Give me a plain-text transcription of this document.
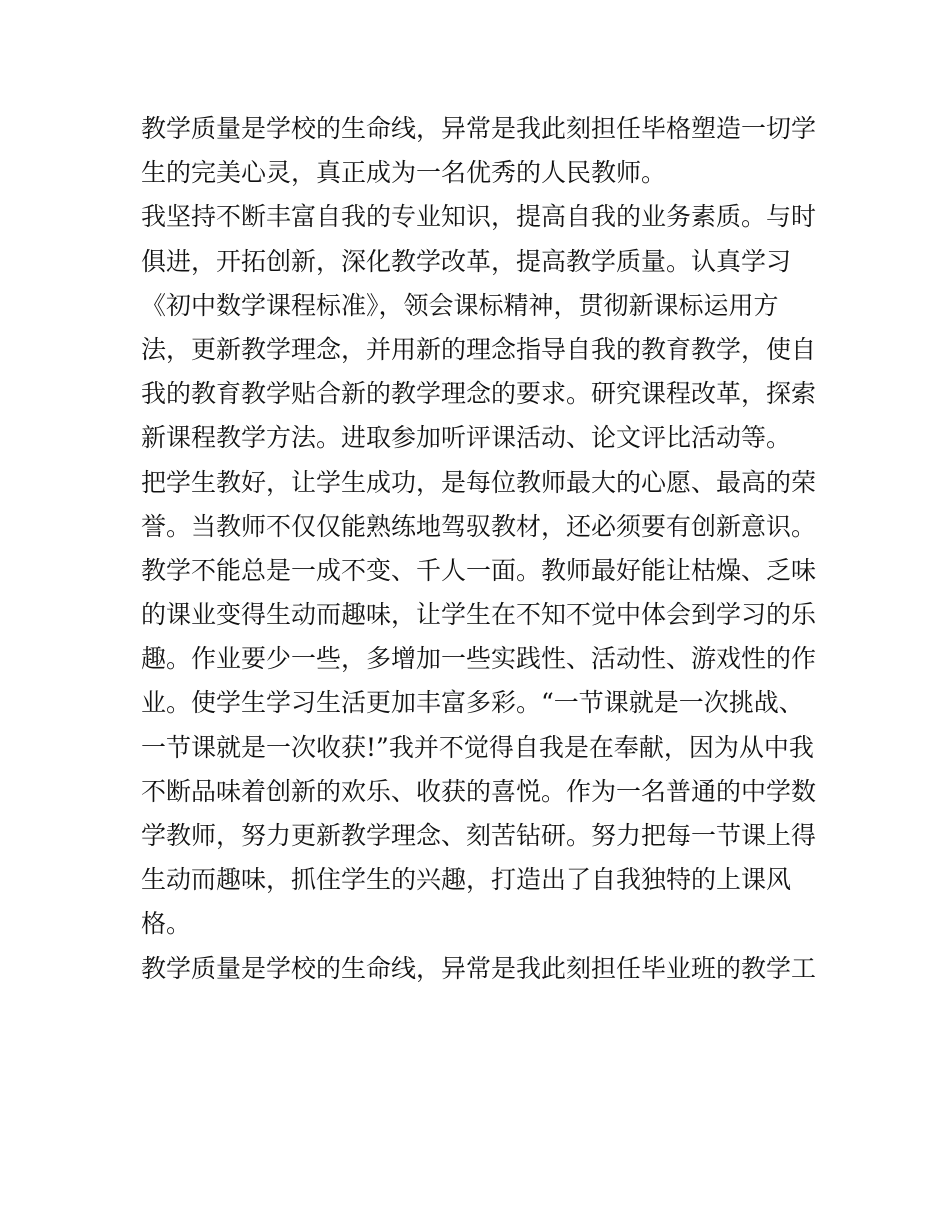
教学质量是学校的生命线，异常是我此刻担任毕格塑造一切学
生的完美心灵，真正成为一名优秀的人民教师。
我坚持不断丰富自我的专业知识，提高自我的业务素质。与时
俱进，开拓创新，深化教学改革，提高教学质量。认真学习
《初中数学课程标准》，领会课标精神，贯彻新课标运用方
法，更新教学理念，并用新的理念指导自我的教育教学，使自
我的教育教学贴合新的教学理念的要求。研究课程改革，探索
新课程教学方法。进取参加听评课活动、论文评比活动等。
把学生教好，让学生成功，是每位教师最大的心愿、最高的荣
誉。当教师不仅仅能熟练地驾驭教材，还必须要有创新意识。
教学不能总是一成不变、千人一面。教师最好能让枯燥、乏味
的课业变得生动而趣味，让学生在不知不觉中体会到学习的乐
趣。作业要少一些，多增加一些实践性、活动性、游戏性的作
业。使学生学习生活更加丰富多彩。“一节课就是一次挑战、
一节课就是一次收获!”我并不觉得自我是在奉献，因为从中我
不断品味着创新的欢乐、收获的喜悦。作为一名普通的中学数
学教师，努力更新教学理念、刻苦钻研。努力把每一节课上得
生动而趣味，抓住学生的兴趣，打造出了自我独特的上课风
格。
教学质量是学校的生命线，异常是我此刻担任毕业班的教学工
